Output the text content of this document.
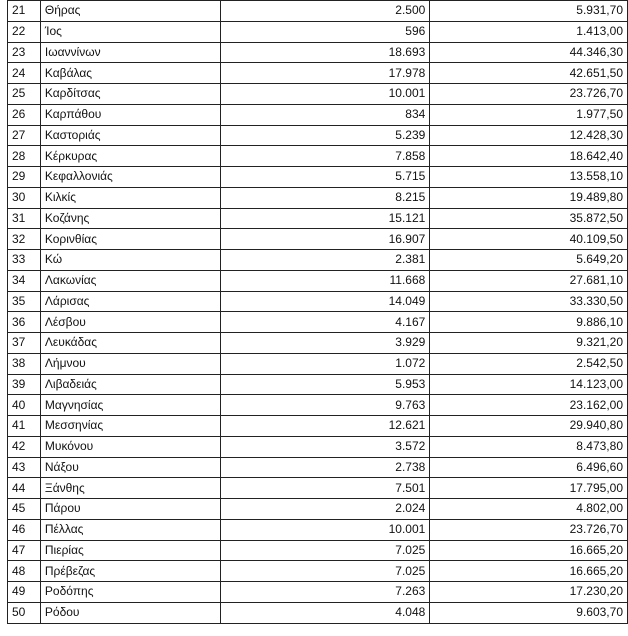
21	Θήρας	2.500	5.931,70
22	Ίος	596	1.413,00
23	Ιωαννίνων	18.693	44.346,30
24	Καβάλας	17.978	42.651,50
25	Καρδίτσας	10.001	23.726,70
26	Καρπάθου	834	1.977,50
27	Καστοριάς	5.239	12.428,30
28	Κέρκυρας	7.858	18.642,40
29	Κεφαλλονιάς	5.715	13.558,10
30	Κιλκίς	8.215	19.489,80
31	Κοζάνης	15.121	35.872,50
32	Κορινθίας	16.907	40.109,50
33	Κώ	2.381	5.649,20
34	Λακωνίας	11.668	27.681,10
35	Λάρισας	14.049	33.330,50
36	Λέσβου	4.167	9.886,10
37	Λευκάδας	3.929	9.321,20
38	Λήμνου	1.072	2.542,50
39	Λιβαδειάς	5.953	14.123,00
40	Μαγνησίας	9.763	23.162,00
41	Μεσσηνίας	12.621	29.940,80
42	Μυκόνου	3.572	8.473,80
43	Νάξου	2.738	6.496,60
44	Ξάνθης	7.501	17.795,00
45	Πάρου	2.024	4.802,00
46	Πέλλας	10.001	23.726,70
47	Πιερίας	7.025	16.665,20
48	Πρέβεζας	7.025	16.665,20
49	Ροδόπης	7.263	17.230,20
50	Ρόδου	4.048	9.603,70
